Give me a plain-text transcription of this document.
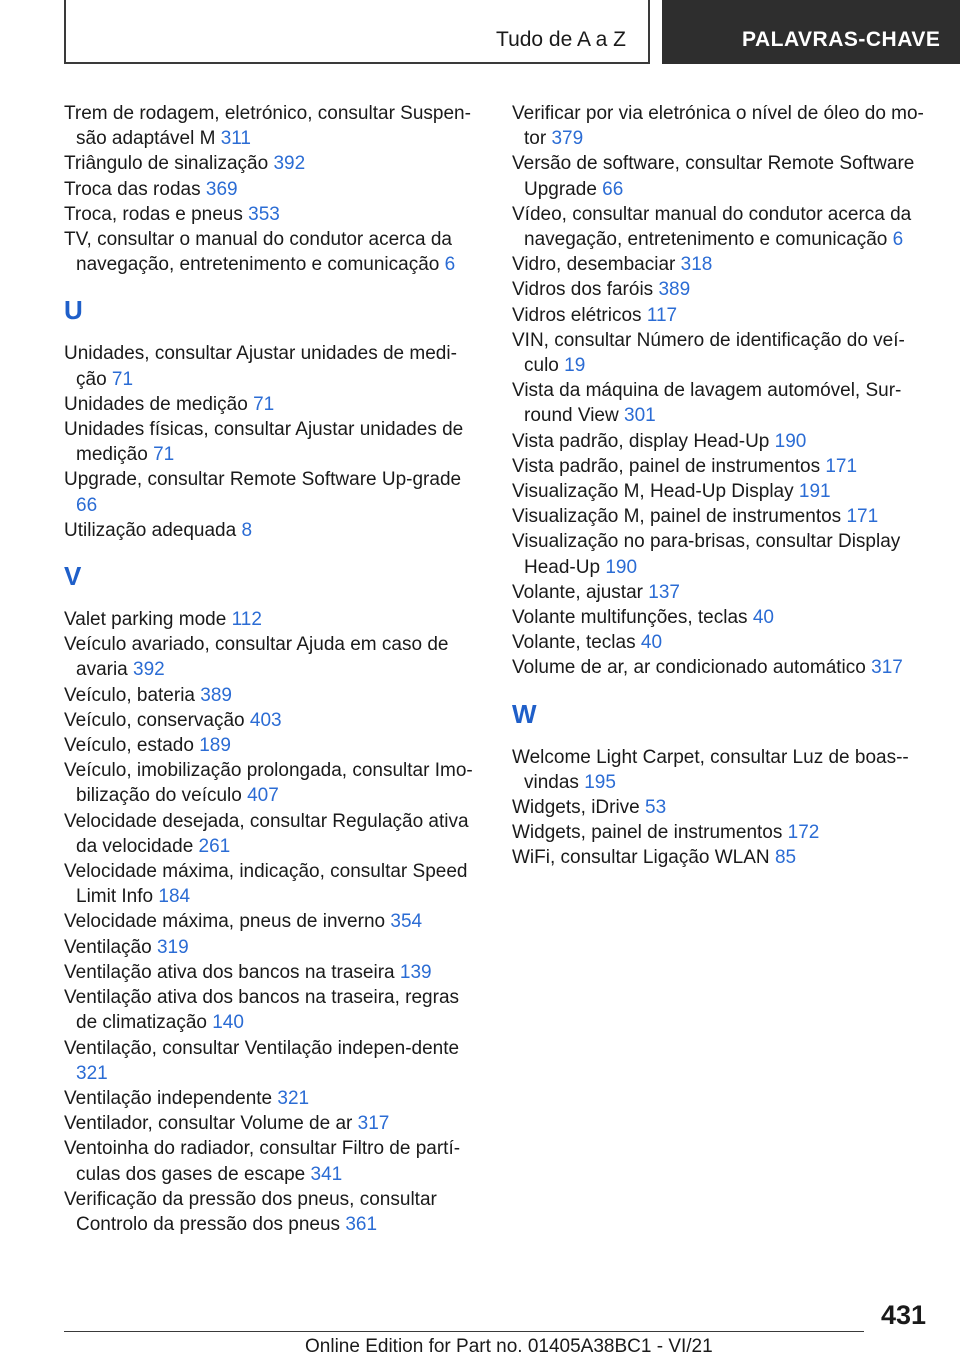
Tudo de A a Z	PALAVRAS-CHAVE
Trem de rodagem, eletrónico, consultar Suspen-são adaptável M 311
Triângulo de sinalização 392
Troca das rodas 369
Troca, rodas e pneus 353
TV, consultar o manual do condutor acerca da navegação, entretenimento e comunicação 6
U
Unidades, consultar Ajustar unidades de medi-ção 71
Unidades de medição 71
Unidades físicas, consultar Ajustar unidades de medição 71
Upgrade, consultar Remote Software Up-grade 66
Utilização adequada 8
V
Valet parking mode 112
Veículo avariado, consultar Ajuda em caso de avaria 392
Veículo, bateria 389
Veículo, conservação 403
Veículo, estado 189
Veículo, imobilização prolongada, consultar Imo-bilização do veículo 407
Velocidade desejada, consultar Regulação ativa da velocidade 261
Velocidade máxima, indicação, consultar Speed Limit Info 184
Velocidade máxima, pneus de inverno 354
Ventilação 319
Ventilação ativa dos bancos na traseira 139
Ventilação ativa dos bancos na traseira, regras de climatização 140
Ventilação, consultar Ventilação indepen-dente 321
Ventilação independente 321
Ventilador, consultar Volume de ar 317
Ventoinha do radiador, consultar Filtro de partí-culas dos gases de escape 341
Verificação da pressão dos pneus, consultar Controlo da pressão dos pneus 361
Verificar por via eletrónica o nível de óleo do mo-tor 379
Versão de software, consultar Remote Software Upgrade 66
Vídeo, consultar manual do condutor acerca da navegação, entretenimento e comunicação 6
Vidro, desembaciar 318
Vidros dos faróis 389
Vidros elétricos 117
VIN, consultar Número de identificação do veí-culo 19
Vista da máquina de lavagem automóvel, Sur-round View 301
Vista padrão, display Head-Up 190
Vista padrão, painel de instrumentos 171
Visualização M, Head-Up Display 191
Visualização M, painel de instrumentos 171
Visualização no para-brisas, consultar Display Head-Up 190
Volante, ajustar 137
Volante multifunções, teclas 40
Volante, teclas 40
Volume de ar, ar condicionado automático 317
W
Welcome Light Carpet, consultar Luz de boas--vindas 195
Widgets, iDrive 53
Widgets, painel de instrumentos 172
WiFi, consultar Ligação WLAN 85
431
Online Edition for Part no. 01405A38BC1 - VI/21
